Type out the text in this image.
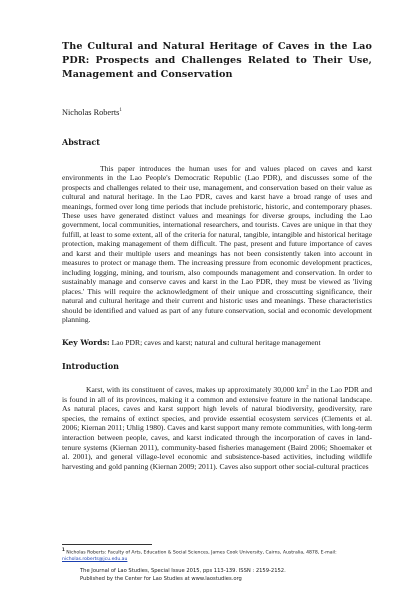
The Cultural and Natural Heritage of Caves in the Lao PDR: Prospects and Challenges Related to Their Use, Management and Conservation
Nicholas Roberts$^1$
Abstract

This paper introduces the human uses for and values placed on caves and karst environments in the Lao People's Democratic Republic (Lao PDR), and discusses some of the prospects and challenges related to their use, management, and conservation based on their value as cultural and natural heritage. In the Lao PDR, caves and karst have a broad range of uses and meanings, formed over long time periods that include prehistoric, historic, and contemporary phases. These uses have generated distinct values and meanings for diverse groups, including the Lao government, local communities, international researchers, and tourists. Caves are unique in that they fulfill, at least to some extent, all of the criteria for natural, tangible, intangible and historical heritage protection, making management of them difficult. The past, present and future importance of caves and karst and their multiple users and meanings has not been consistently taken into account in measures to protect or manage them. The increasing pressure from economic development practices, including logging, mining, and tourism, also compounds management and conservation. In order to sustainably manage and conserve caves and karst in the Lao PDR, they must be viewed as 'living places.' This will require the acknowledgment of their unique and crosscutting significance, their natural and cultural heritage and their current and historic uses and meanings. These characteristics should be identified and valued as part of any future conservation, social and economic development planning.

Key Words: Lao PDR; caves and karst; natural and cultural heritage management
Introduction

Karst, with its constituent of caves, makes up approximately 30,000 $km^2$ in the Lao PDR and is found in all of its provinces, making it a common and extensive feature in the national landscape. As natural places, caves and karst support high levels of natural biodiversity, geodiversity, rare species, the remains of extinct species, and provide essential ecosystem services (Clements et al. 2006; Kiernan 2011; Uhlig 1980). Caves and karst support many remote communities, with long-term interaction between people, caves, and karst indicated through the incorporation of caves in land-tenure systems (Kiernan 2011), community-based fisheries management (Baird 2006; Shoemaker et al. 2001), and general village-level economic and subsistence-based activities, including wildlife harvesting and gold panning (Kiernan 2009; 2011). Caves also support other social-cultural practices

$^1$ Nicholas Roberts: Faculty of Arts, Education & Social Sciences, James Cook University, Cairns, Australia, 4878, E-mail: nicholas.roberts@jcu.edu.au
The Journal of Lao Studies, Special Issue 2015, pps 113-139. ISSN : 2159-2152.
Published by the Center for Lao Studies at www.laostudies.org
